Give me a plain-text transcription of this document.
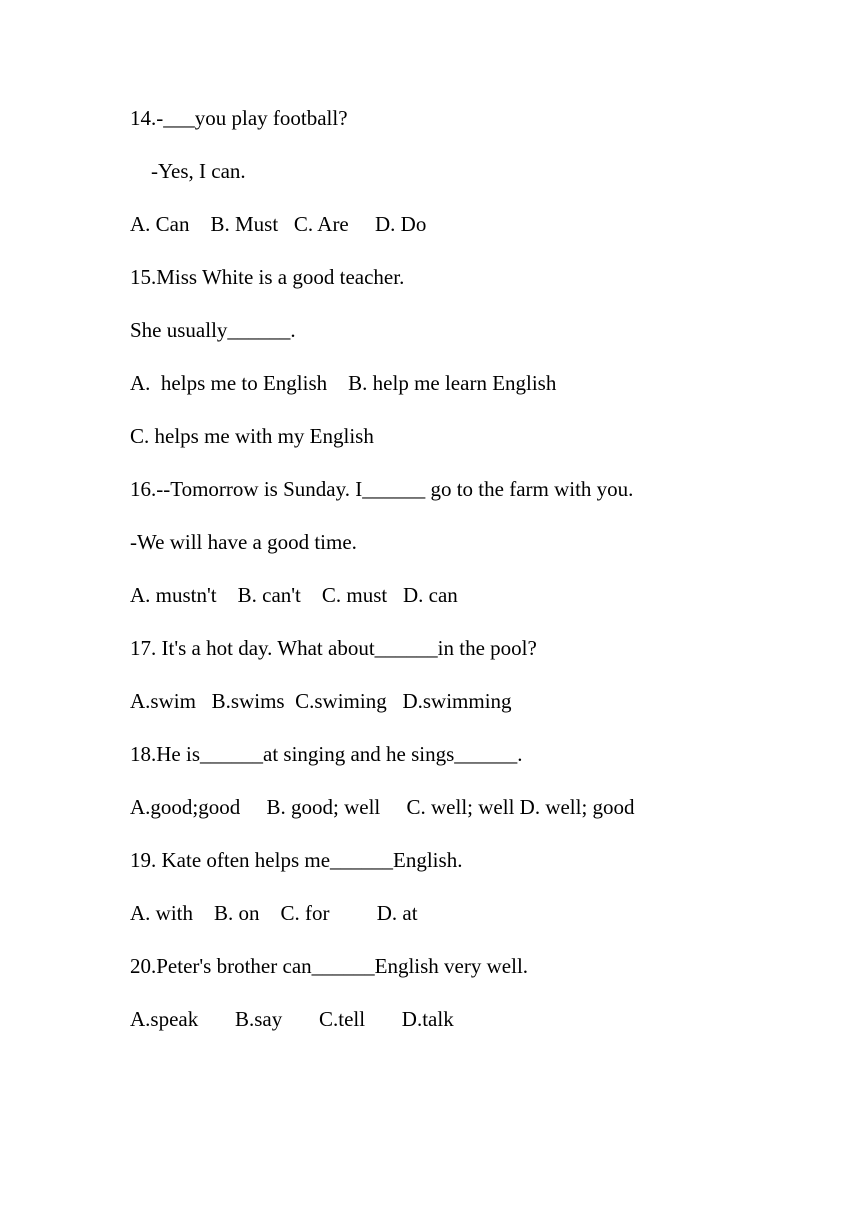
14.-___you play football?
-Yes, I can.
A. Can    B. Must   C. Are     D. Do
15.Miss White is a good teacher.
She usually______.
A.  helps me to English    B. help me learn English
C. helps me with my English
16.--Tomorrow is Sunday. I______ go to the farm with you.
-We will have a good time.
A. mustn't    B. can't    C. must   D. can
17. It's a hot day. What about______in the pool?
A.swim   B.swims  C.swiming   D.swimming
18.He is______at singing and he sings______.
A.good;good     B. good; well     C. well; well D. well; good
19. Kate often helps me______English.
A. with    B. on    C. for         D. at
20.Peter's brother can______English very well.
A.speak       B.say       C.tell       D.talk
